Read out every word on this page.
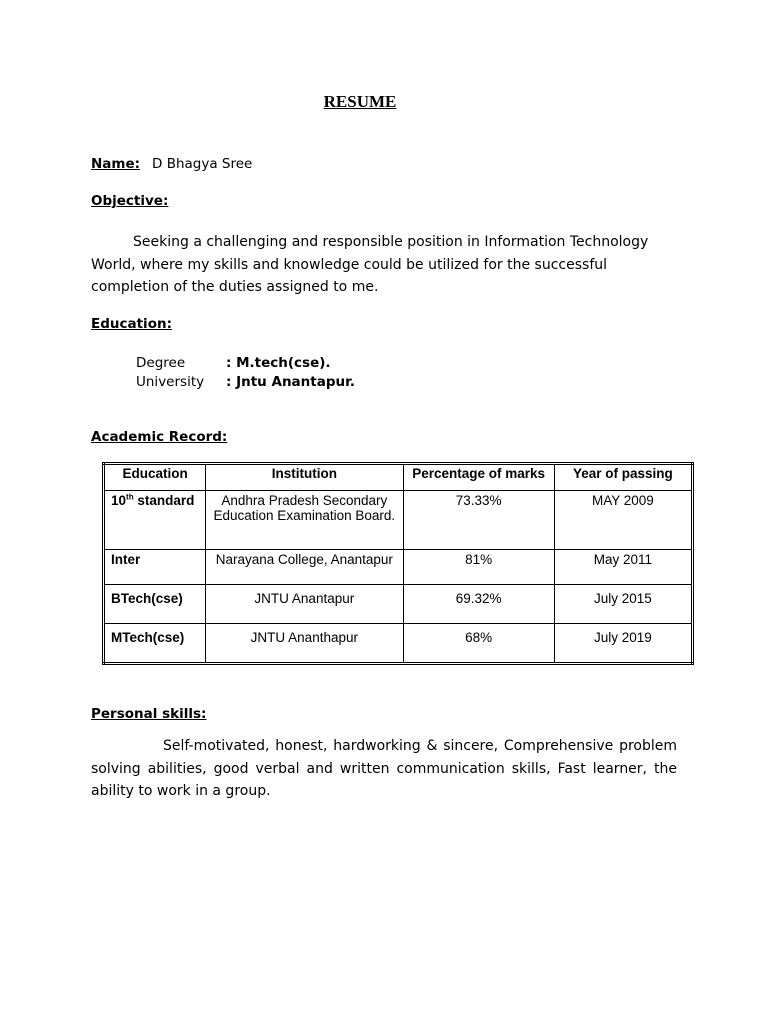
RESUME
Name: D Bhagya Sree
Objective:
Seeking a challenging and responsible position in Information Technology World, where my skills and knowledge could be utilized for the successful completion of the duties assigned to me.
Education:
Degree	: M.tech(cse).
University	: Jntu Anantapur.
Academic Record:
Education	Institution	Percentage of marks	Year of passing
10th standard	Andhra Pradesh Secondary Education Examination Board.	73.33%	MAY 2009
Inter	Narayana College, Anantapur	81%	May 2011
BTech(cse)	JNTU Anantapur	69.32%	July 2015
MTech(cse)	JNTU Ananthapur	68%	July 2019
Personal skills:
Self-motivated, honest, hardworking & sincere, Comprehensive problem solving abilities, good verbal and written communication skills, Fast learner, the ability to work in a group.
